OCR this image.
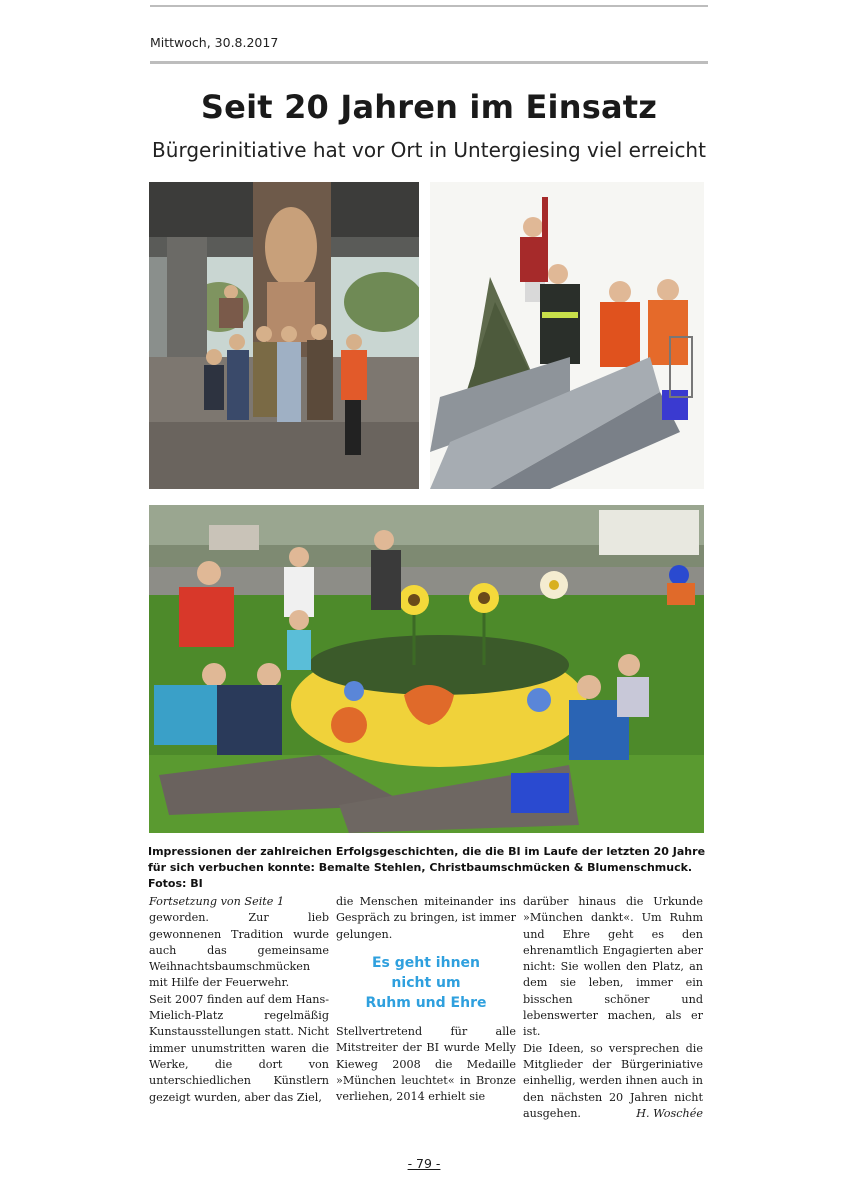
Mittwoch, 30.8.2017
Seit 20 Jahren im Einsatz
Bürgerinitiative hat vor Ort in Untergiesing viel erreicht
Impressionen der zahlreichen Erfolgsgeschichten, die die BI im Laufe der letzten 20 Jahre für sich verbuchen konnte: Bemalte Stehlen, Christbaumschmücken & Blumenschmuck. Fotos: BI

Fortsetzung von Seite 1

geworden. Zur lieb gewonnenen Tradition wurde auch das gemeinsame Weihnachtsbaumschmücken mit Hilfe der Feuerwehr.

Seit 2007 finden auf dem Hans-Mielich-Platz regelmäßig Kunstausstellungen statt. Nicht immer unumstritten waren die Werke, die dort von unterschiedlichen Künstlern gezeigt wurden, aber das Ziel,

die Menschen miteinander ins Gespräch zu bringen, ist immer gelungen.

Es geht ihnen
nicht um
Ruhm und Ehre

Stellvertretend für alle Mitstreiter der BI wurde Melly Kieweg 2008 die Medaille »München leuchtet« in Bronze verliehen, 2014 erhielt sie

darüber hinaus die Urkunde »München dankt«. Um Ruhm und Ehre geht es den ehrenamtlich Engagierten aber nicht: Sie wollen den Platz, an dem sie leben, immer ein bisschen schöner und lebenswerter machen, als er ist.

Die Ideen, so versprechen die Mitglieder der Bürgeriniative einhellig, werden ihnen auch in den nächsten 20 Jahren nicht ausgehen.	H. Woschée

- 79 -
